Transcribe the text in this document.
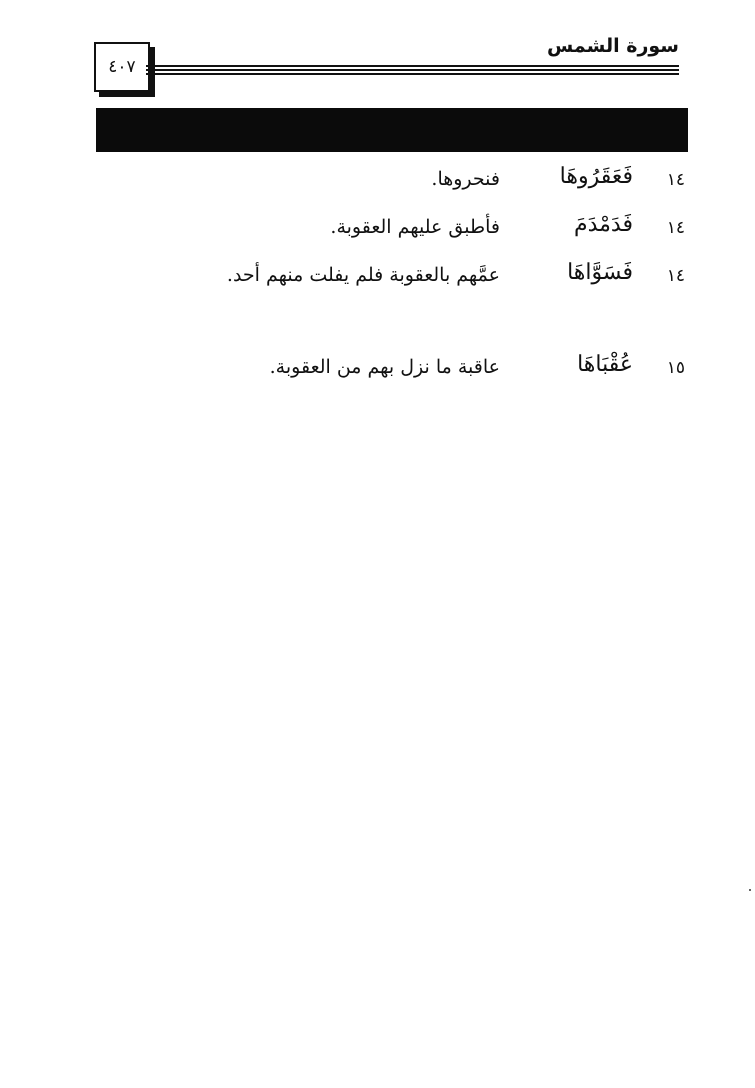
٤٠٧
سورة الشمس
١٤
فَعَقَرُوهَا
فنحروها.
١٤
فَدَمْدَمَ
فأطبق عليهم العقوبة.
١٤
فَسَوَّاهَا
عمَّهم بالعقوبة فلم يفلت منهم أحد.
١٥
عُقْبَاهَا
عاقبة ما نزل بهم من العقوبة.
